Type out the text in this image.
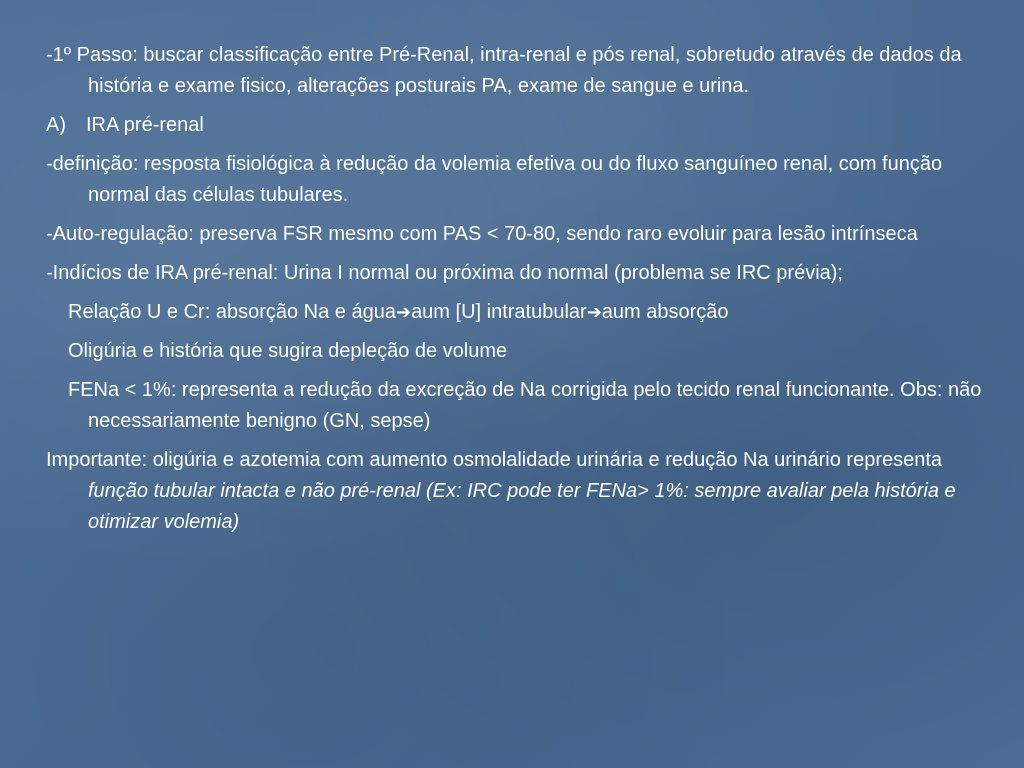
-1º Passo: buscar classificação entre Pré-Renal, intra-renal e pós renal, sobretudo através de dados da história e exame fisico, alterações posturais PA, exame de sangue e urina.

A) IRA pré-renal

-definição: resposta fisiológica à redução da volemia efetiva ou do fluxo sanguíneo renal, com função normal das células tubulares.

-Auto-regulação: preserva FSR mesmo com PAS < 70-80, sendo raro evoluir para lesão intrínseca

-Indícios de IRA pré-renal: Urina I normal ou próxima do normal (problema se IRC prévia);

Relação U e Cr: absorção Na e água➔aum [U] intratubular➔aum absorção

Oligúria e história que sugira depleção de volume

FENa < 1%: representa a redução da excreção de Na corrigida pelo tecido renal funcionante. Obs: não necessariamente benigno (GN, sepse)

Importante: oligúria e azotemia com aumento osmolalidade urinária e redução Na urinário representa função tubular intacta e não pré-renal (Ex: IRC pode ter FENa> 1%: sempre avaliar pela história e otimizar volemia)
